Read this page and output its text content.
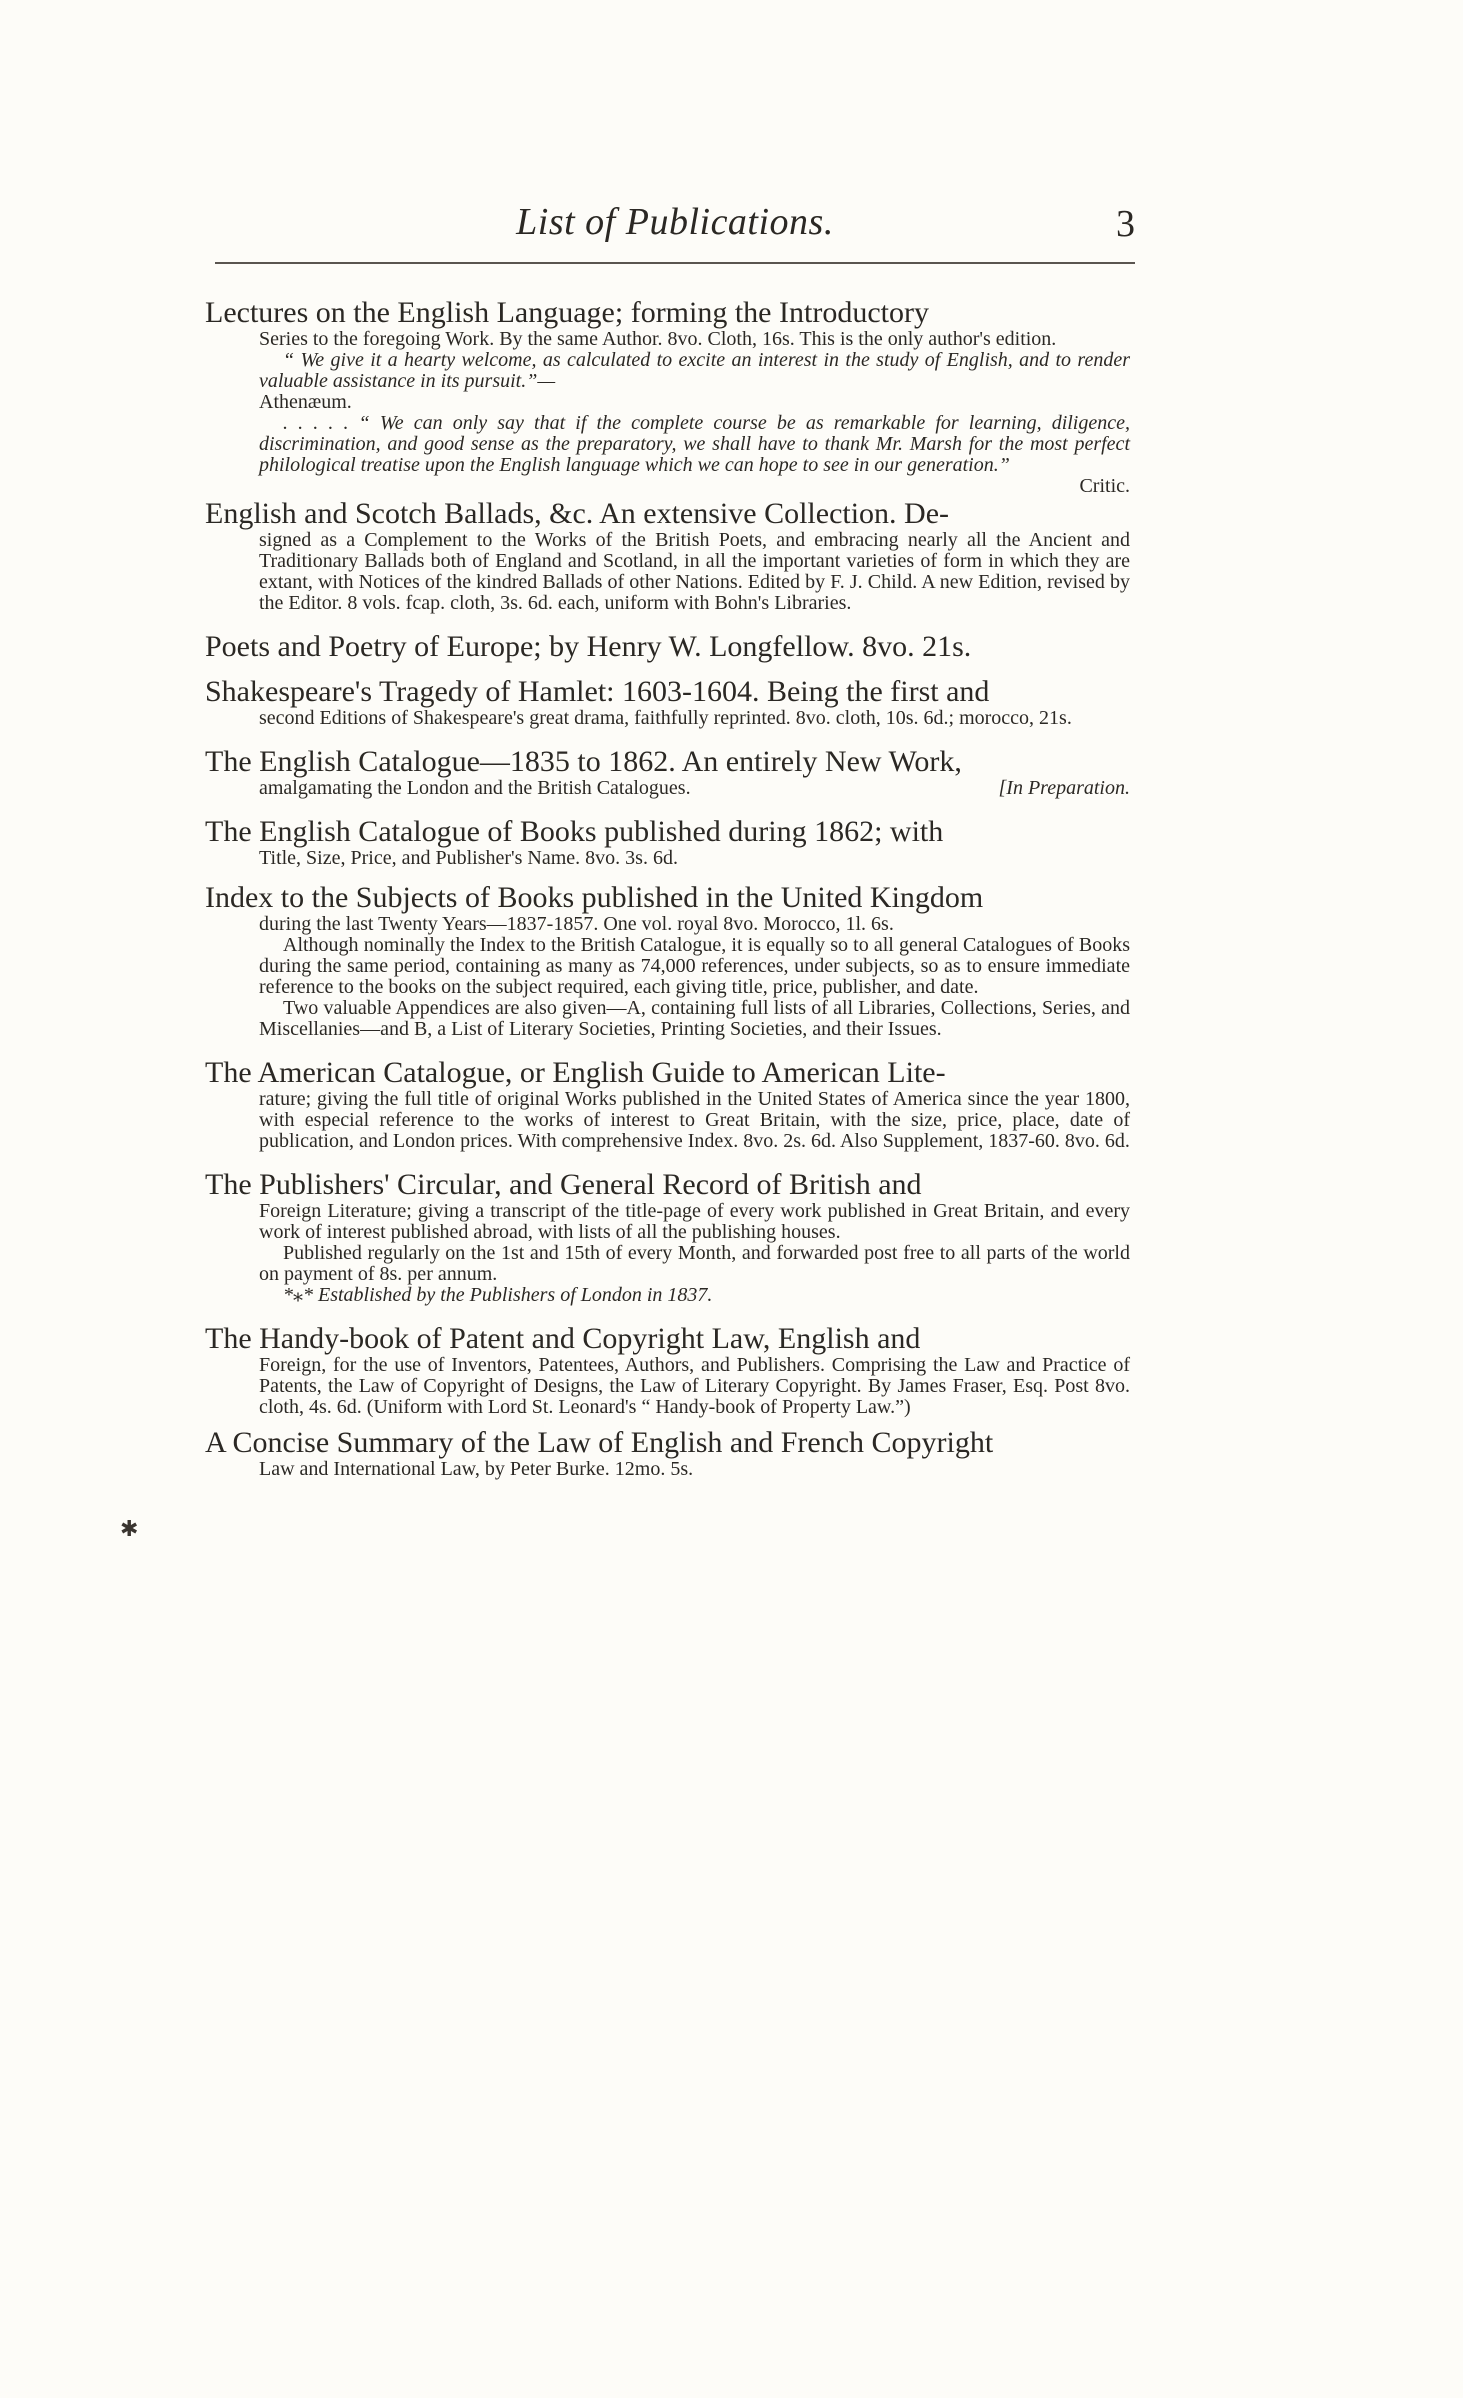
List of Publications.	3
✱

Lectures on the English Language; forming the Introductory

Series to the foregoing Work. By the same Author. 8vo. Cloth, 16s. This is the only author's edition.

“ We give it a hearty welcome, as calculated to excite an interest in the study of English, and to render valuable assistance in its pursuit.”—

Athenæum.

. . . . . “ We can only say that if the complete course be as remarkable for learning, diligence, discrimination, and good sense as the preparatory, we shall have to thank Mr. Marsh for the most perfect philological treatise upon the English language which we can hope to see in our generation.”

Critic.

English and Scotch Ballads, &c. An extensive Collection. De-

signed as a Complement to the Works of the British Poets, and embracing nearly all the Ancient and Traditionary Ballads both of England and Scotland, in all the important varieties of form in which they are extant, with Notices of the kindred Ballads of other Nations. Edited by F. J. Child. A new Edition, revised by the Editor. 8 vols. fcap. cloth, 3s. 6d. each, uniform with Bohn's Libraries.

Poets and Poetry of Europe; by Henry W. Longfellow. 8vo. 21s.

Shakespeare's Tragedy of Hamlet: 1603-1604. Being the first and

second Editions of Shakespeare's great drama, faithfully reprinted. 8vo. cloth, 10s. 6d.; morocco, 21s.

The English Catalogue—1835 to 1862. An entirely New Work,

amalgamating the London and the British Catalogues.	[In Preparation.

The English Catalogue of Books published during 1862; with

Title, Size, Price, and Publisher's Name. 8vo. 3s. 6d.

Index to the Subjects of Books published in the United Kingdom

during the last Twenty Years—1837-1857. One vol. royal 8vo. Morocco, 1l. 6s.

Although nominally the Index to the British Catalogue, it is equally so to all general Catalogues of Books during the same period, containing as many as 74,000 references, under subjects, so as to ensure immediate reference to the books on the subject required, each giving title, price, publisher, and date.

Two valuable Appendices are also given—A, containing full lists of all Libraries, Collections, Series, and Miscellanies—and B, a List of Literary Societies, Printing Societies, and their Issues.

The American Catalogue, or English Guide to American Lite-

rature; giving the full title of original Works published in the United States of America since the year 1800, with especial reference to the works of interest to Great Britain, with the size, price, place, date of publication, and London prices. With comprehensive Index. 8vo. 2s. 6d. Also Supplement, 1837-60. 8vo. 6d.

The Publishers' Circular, and General Record of British and

Foreign Literature; giving a transcript of the title-page of every work published in Great Britain, and every work of interest published abroad, with lists of all the publishing houses.

Published regularly on the 1st and 15th of every Month, and forwarded post free to all parts of the world on payment of 8s. per annum.

*⁎* Established by the Publishers of London in 1837.

The Handy-book of Patent and Copyright Law, English and

Foreign, for the use of Inventors, Patentees, Authors, and Publishers. Comprising the Law and Practice of Patents, the Law of Copyright of Designs, the Law of Literary Copyright. By James Fraser, Esq. Post 8vo. cloth, 4s. 6d. (Uniform with Lord St. Leonard's “ Handy-book of Property Law.”)

A Concise Summary of the Law of English and French Copyright

Law and International Law, by Peter Burke. 12mo. 5s.
